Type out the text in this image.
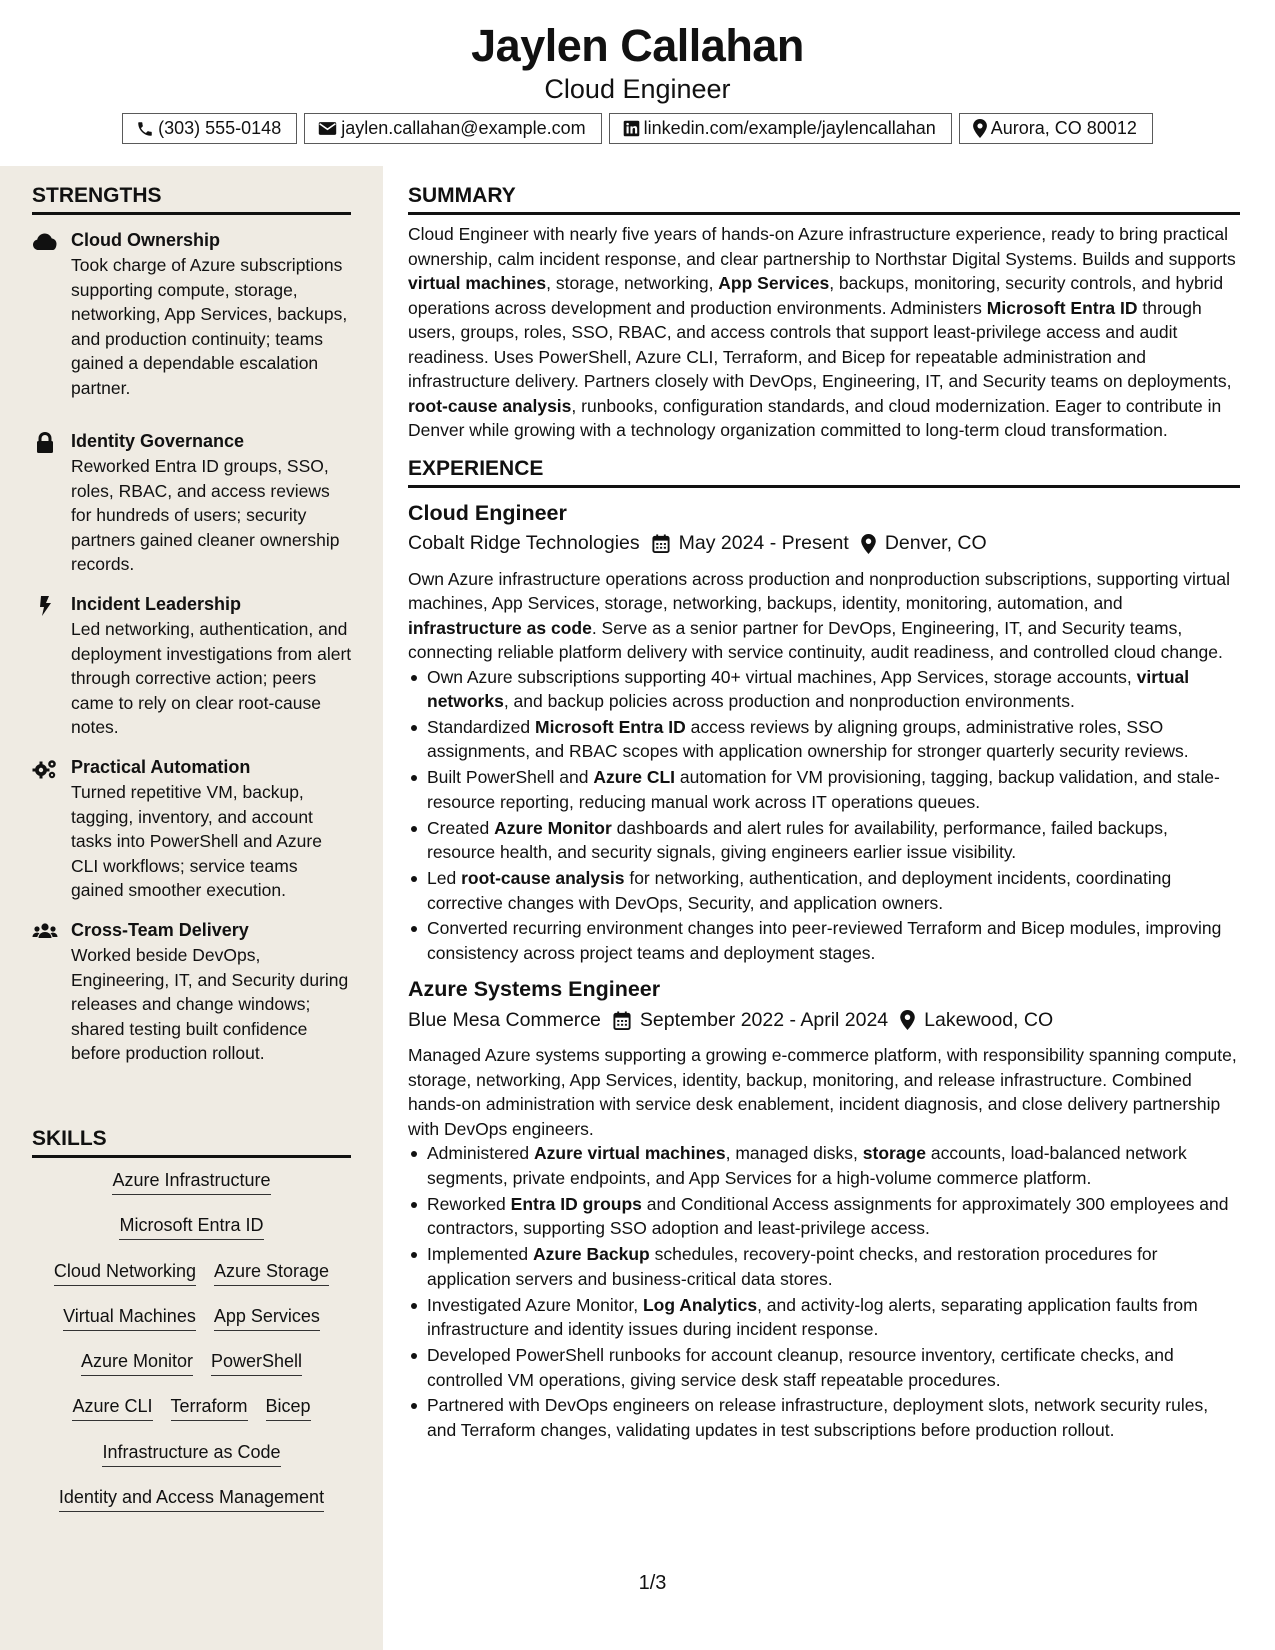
Jaylen Callahan
Cloud Engineer
(303) 555-0148	jaylen.callahan@example.com	linkedin.com/example/jaylencallahan	Aurora, CO 80012
STRENGTHS
Cloud Ownership
Took charge of Azure subscriptions supporting compute, storage, networking, App Services, backups, and production continuity; teams gained a dependable escalation partner.
Identity Governance
Reworked Entra ID groups, SSO, roles, RBAC, and access reviews for hundreds of users; security partners gained cleaner ownership records.
Incident Leadership
Led networking, authentication, and deployment investigations from alert through corrective action; peers came to rely on clear root-cause notes.
Practical Automation
Turned repetitive VM, backup, tagging, inventory, and account tasks into PowerShell and Azure CLI workflows; service teams gained smoother execution.
Cross-Team Delivery
Worked beside DevOps, Engineering, IT, and Security during releases and change windows; shared testing built confidence before production rollout.
SKILLS
Azure Infrastructure
Microsoft Entra ID
Cloud Networking Azure Storage
Virtual Machines App Services
Azure Monitor PowerShell
Azure CLI Terraform Bicep
Infrastructure as Code
Identity and Access Management
SUMMARY

Cloud Engineer with nearly five years of hands-on Azure infrastructure experience, ready to bring practical ownership, calm incident response, and clear partnership to Northstar Digital Systems. Builds and supports virtual machines, storage, networking, App Services, backups, monitoring, security controls, and hybrid operations across development and production environments. Administers Microsoft Entra ID through users, groups, roles, SSO, RBAC, and access controls that support least-privilege access and audit readiness. Uses PowerShell, Azure CLI, Terraform, and Bicep for repeatable administration and infrastructure delivery. Partners closely with DevOps, Engineering, IT, and Security teams on deployments, root-cause analysis, runbooks, configuration standards, and cloud modernization. Eager to contribute in Denver while growing with a technology organization committed to long-term cloud transformation.

EXPERIENCE
Cloud Engineer
Cobalt Ridge Technologies May 2024 - Present Denver, CO

Own Azure infrastructure operations across production and nonproduction subscriptions, supporting virtual machines, App Services, storage, networking, backups, identity, monitoring, automation, and infrastructure as code. Serve as a senior partner for DevOps, Engineering, IT, and Security teams, connecting reliable platform delivery with service continuity, audit readiness, and controlled cloud change.

Own Azure subscriptions supporting 40+ virtual machines, App Services, storage accounts, virtual networks, and backup policies across production and nonproduction environments.
Standardized Microsoft Entra ID access reviews by aligning groups, administrative roles, SSO assignments, and RBAC scopes with application ownership for stronger quarterly security reviews.
Built PowerShell and Azure CLI automation for VM provisioning, tagging, backup validation, and stale-resource reporting, reducing manual work across IT operations queues.
Created Azure Monitor dashboards and alert rules for availability, performance, failed backups, resource health, and security signals, giving engineers earlier issue visibility.
Led root-cause analysis for networking, authentication, and deployment incidents, coordinating corrective changes with DevOps, Security, and application owners.
Converted recurring environment changes into peer-reviewed Terraform and Bicep modules, improving consistency across project teams and deployment stages.
Azure Systems Engineer
Blue Mesa Commerce September 2022 - April 2024 Lakewood, CO

Managed Azure systems supporting a growing e-commerce platform, with responsibility spanning compute, storage, networking, App Services, identity, backup, monitoring, and release infrastructure. Combined hands-on administration with service desk enablement, incident diagnosis, and close delivery partnership with DevOps engineers.

Administered Azure virtual machines, managed disks, storage accounts, load-balanced network segments, private endpoints, and App Services for a high-volume commerce platform.
Reworked Entra ID groups and Conditional Access assignments for approximately 300 employees and contractors, supporting SSO adoption and least-privilege access.
Implemented Azure Backup schedules, recovery-point checks, and restoration procedures for application servers and business-critical data stores.
Investigated Azure Monitor, Log Analytics, and activity-log alerts, separating application faults from infrastructure and identity issues during incident response.
Developed PowerShell runbooks for account cleanup, resource inventory, certificate checks, and controlled VM operations, giving service desk staff repeatable procedures.
Partnered with DevOps engineers on release infrastructure, deployment slots, network security rules, and Terraform changes, validating updates in test subscriptions before production rollout.
1/3
